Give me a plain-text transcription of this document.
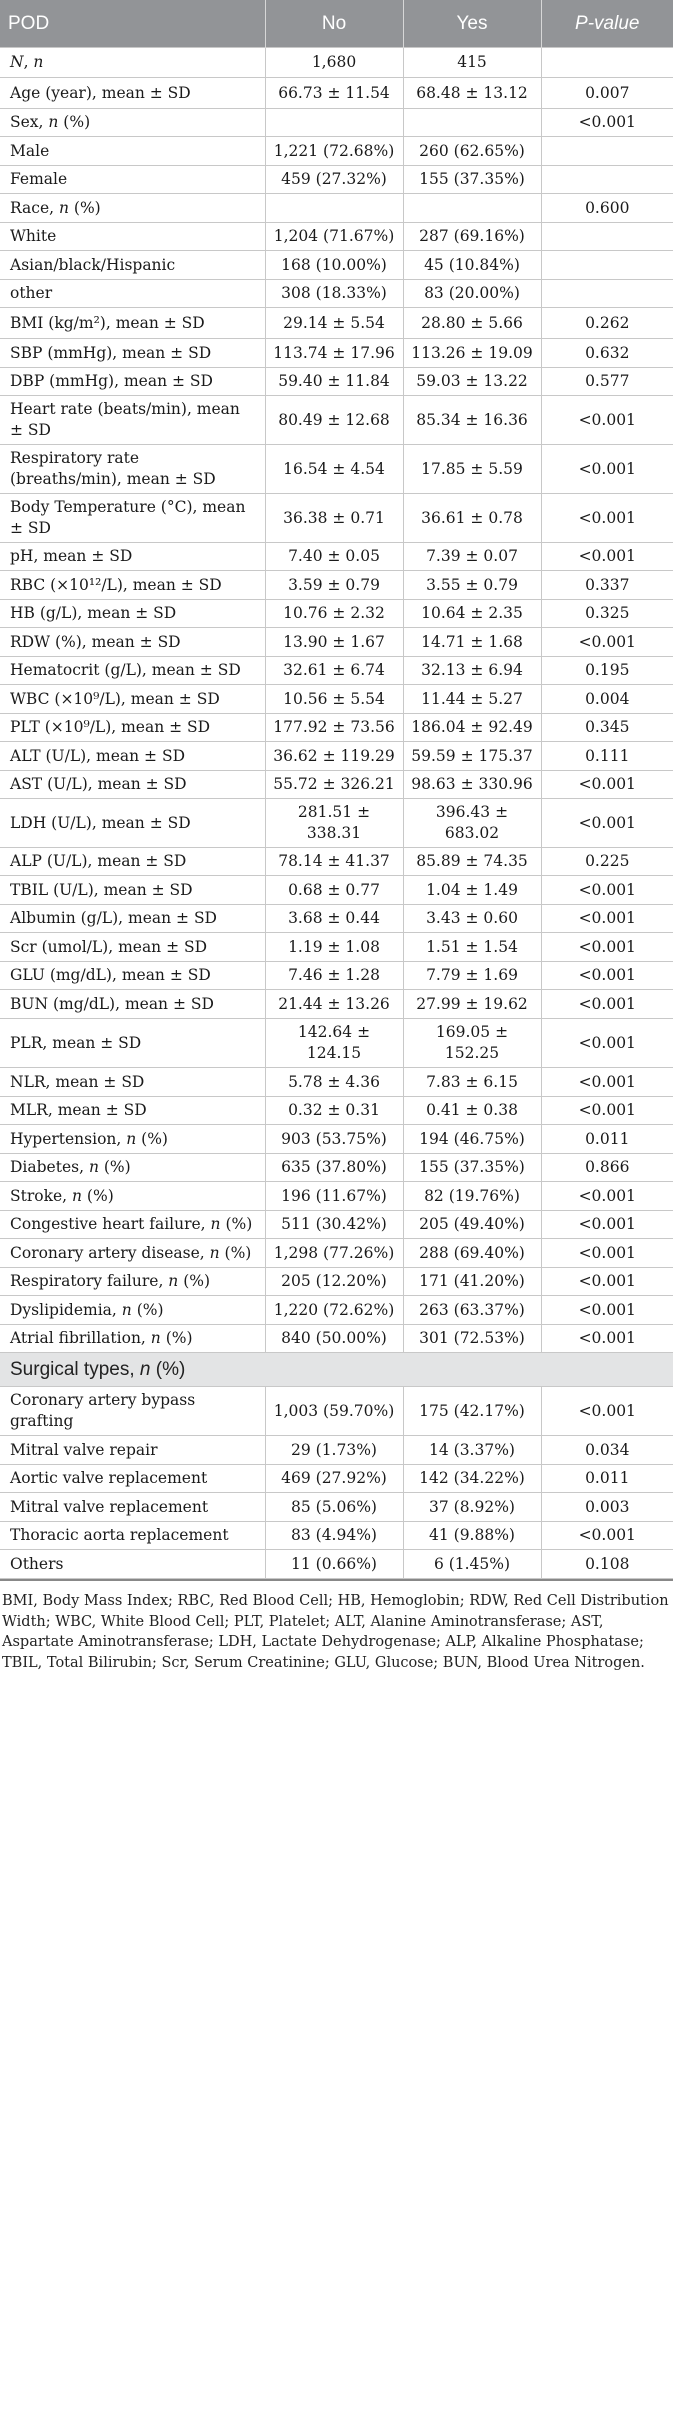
POD	No	Yes	P-value
N, n	1,680	415	
Age (year), mean ± SD	66.73 ± 11.54	68.48 ± 13.12	0.007
Sex, n (%)			<0.001
Male	1,221 (72.68%)	260 (62.65%)	
Female	459 (27.32%)	155 (37.35%)	
Race, n (%)			0.600
White	1,204 (71.67%)	287 (69.16%)	
Asian/black/Hispanic	168 (10.00%)	45 (10.84%)	
other	308 (18.33%)	83 (20.00%)	
BMI (kg/m²), mean ± SD	29.14 ± 5.54	28.80 ± 5.66	0.262
SBP (mmHg), mean ± SD	113.74 ± 17.96	113.26 ± 19.09	0.632
DBP (mmHg), mean ± SD	59.40 ± 11.84	59.03 ± 13.22	0.577
Heart rate (beats/min), mean ± SD	80.49 ± 12.68	85.34 ± 16.36	<0.001
Respiratory rate (breaths/min), mean ± SD	16.54 ± 4.54	17.85 ± 5.59	<0.001
Body Temperature (°C), mean ± SD	36.38 ± 0.71	36.61 ± 0.78	<0.001
pH, mean ± SD	7.40 ± 0.05	7.39 ± 0.07	<0.001
RBC (×10¹²/L), mean ± SD	3.59 ± 0.79	3.55 ± 0.79	0.337
HB (g/L), mean ± SD	10.76 ± 2.32	10.64 ± 2.35	0.325
RDW (%), mean ± SD	13.90 ± 1.67	14.71 ± 1.68	<0.001
Hematocrit (g/L), mean ± SD	32.61 ± 6.74	32.13 ± 6.94	0.195
WBC (×10⁹/L), mean ± SD	10.56 ± 5.54	11.44 ± 5.27	0.004
PLT (×10⁹/L), mean ± SD	177.92 ± 73.56	186.04 ± 92.49	0.345
ALT (U/L), mean ± SD	36.62 ± 119.29	59.59 ± 175.37	0.111
AST (U/L), mean ± SD	55.72 ± 326.21	98.63 ± 330.96	<0.001
LDH (U/L), mean ± SD	281.51 ± 338.31	396.43 ± 683.02	<0.001
ALP (U/L), mean ± SD	78.14 ± 41.37	85.89 ± 74.35	0.225
TBIL (U/L), mean ± SD	0.68 ± 0.77	1.04 ± 1.49	<0.001
Albumin (g/L), mean ± SD	3.68 ± 0.44	3.43 ± 0.60	<0.001
Scr (umol/L), mean ± SD	1.19 ± 1.08	1.51 ± 1.54	<0.001
GLU (mg/dL), mean ± SD	7.46 ± 1.28	7.79 ± 1.69	<0.001
BUN (mg/dL), mean ± SD	21.44 ± 13.26	27.99 ± 19.62	<0.001
PLR, mean ± SD	142.64 ± 124.15	169.05 ± 152.25	<0.001
NLR, mean ± SD	5.78 ± 4.36	7.83 ± 6.15	<0.001
MLR, mean ± SD	0.32 ± 0.31	0.41 ± 0.38	<0.001
Hypertension, n (%)	903 (53.75%)	194 (46.75%)	0.011
Diabetes, n (%)	635 (37.80%)	155 (37.35%)	0.866
Stroke, n (%)	196 (11.67%)	82 (19.76%)	<0.001
Congestive heart failure, n (%)	511 (30.42%)	205 (49.40%)	<0.001
Coronary artery disease, n (%)	1,298 (77.26%)	288 (69.40%)	<0.001
Respiratory failure, n (%)	205 (12.20%)	171 (41.20%)	<0.001
Dyslipidemia, n (%)	1,220 (72.62%)	263 (63.37%)	<0.001
Atrial fibrillation, n (%)	840 (50.00%)	301 (72.53%)	<0.001
Surgical types, n (%)			
Coronary artery bypass grafting	1,003 (59.70%)	175 (42.17%)	<0.001
Mitral valve repair	29 (1.73%)	14 (3.37%)	0.034
Aortic valve replacement	469 (27.92%)	142 (34.22%)	0.011
Mitral valve replacement	85 (5.06%)	37 (8.92%)	0.003
Thoracic aorta replacement	83 (4.94%)	41 (9.88%)	<0.001
Others	11 (0.66%)	6 (1.45%)	0.108
BMI, Body Mass Index; RBC, Red Blood Cell; HB, Hemoglobin; RDW, Red Cell Distribution Width; WBC, White Blood Cell; PLT, Platelet; ALT, Alanine Aminotransferase; AST, Aspartate Aminotransferase; LDH, Lactate Dehydrogenase; ALP, Alkaline Phosphatase; TBIL, Total Bilirubin; Scr, Serum Creatinine; GLU, Glucose; BUN, Blood Urea Nitrogen.
